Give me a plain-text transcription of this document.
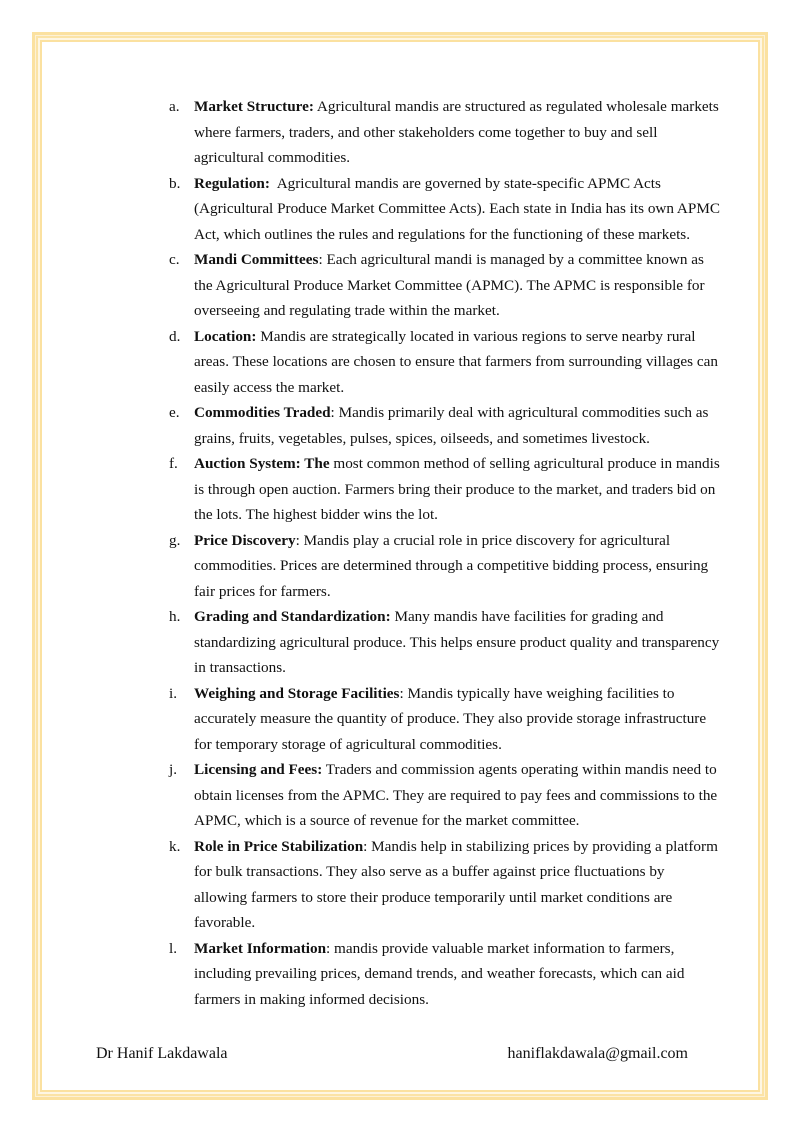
a. Market Structure: Agricultural mandis are structured as regulated wholesale markets where farmers, traders, and other stakeholders come together to buy and sell agricultural commodities.
b. Regulation:  Agricultural mandis are governed by state-specific APMC Acts (Agricultural Produce Market Committee Acts). Each state in India has its own APMC Act, which outlines the rules and regulations for the functioning of these markets.
c. Mandi Committees: Each agricultural mandi is managed by a committee known as the Agricultural Produce Market Committee (APMC). The APMC is responsible for overseeing and regulating trade within the market.
d. Location: Mandis are strategically located in various regions to serve nearby rural areas. These locations are chosen to ensure that farmers from surrounding villages can easily access the market.
e. Commodities Traded: Mandis primarily deal with agricultural commodities such as grains, fruits, vegetables, pulses, spices, oilseeds, and sometimes livestock.
f. Auction System: The most common method of selling agricultural produce in mandis is through open auction. Farmers bring their produce to the market, and traders bid on the lots. The highest bidder wins the lot.
g. Price Discovery: Mandis play a crucial role in price discovery for agricultural commodities. Prices are determined through a competitive bidding process, ensuring fair prices for farmers.
h. Grading and Standardization: Many mandis have facilities for grading and standardizing agricultural produce. This helps ensure product quality and transparency in transactions.
i. Weighing and Storage Facilities: Mandis typically have weighing facilities to accurately measure the quantity of produce. They also provide storage infrastructure for temporary storage of agricultural commodities.
j. Licensing and Fees: Traders and commission agents operating within mandis need to obtain licenses from the APMC. They are required to pay fees and commissions to the APMC, which is a source of revenue for the market committee.
k. Role in Price Stabilization: Mandis help in stabilizing prices by providing a platform for bulk transactions. They also serve as a buffer against price fluctuations by allowing farmers to store their produce temporarily until market conditions are favorable.
l. Market Information: mandis provide valuable market information to farmers, including prevailing prices, demand trends, and weather forecasts, which can aid farmers in making informed decisions.
Dr Hanif Lakdawala	haniflakdawala@gmail.com
